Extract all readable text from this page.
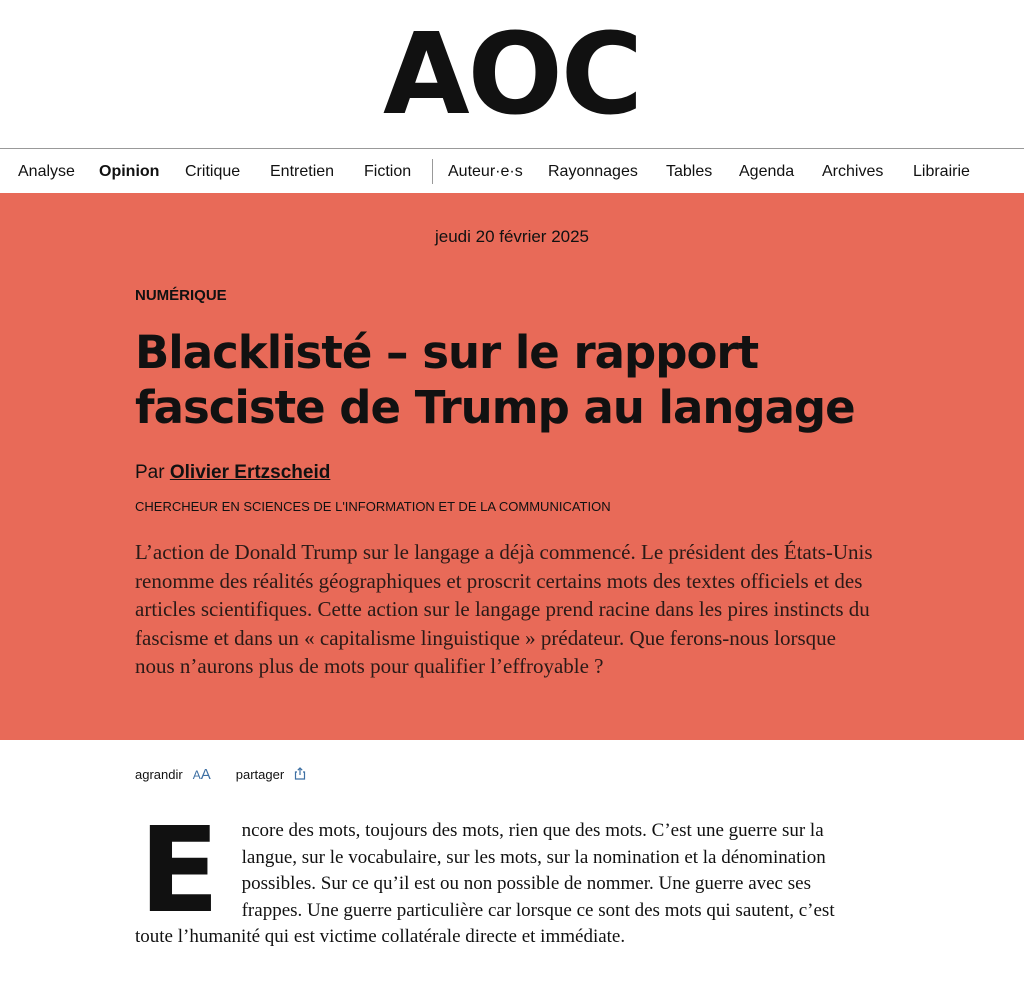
AOC
Analyse Opinion Critique Entretien Fiction Auteur·e·s Rayonnages Tables Agenda Archives Librairie
jeudi 20 février 2025
NUMÉRIQUE
Blacklisté – sur le rapport fasciste de Trump au langage
Par Olivier Ertzscheid
CHERCHEUR EN SCIENCES DE L'INFORMATION ET DE LA COMMUNICATION

L’action de Donald Trump sur le langage a déjà commencé. Le président des États-Unis renomme des réalités géographiques et proscrit certains mots des textes officiels et des articles scientifiques. Cette action sur le langage prend racine dans les pires instincts du fascisme et dans un « capitalisme linguistique » prédateur. Que ferons-nous lorsque nous n’aurons plus de mots pour qualifier l’effroyable ?

agrandir AA partager

E ncore des mots, toujours des mots, rien que des mots. C’est une guerre sur la langue, sur le vocabulaire, sur les mots, sur la nomination et la dénomination possibles. Sur ce qu’il est ou non possible de nommer. Une guerre avec ses frappes. Une guerre particulière car lorsque ce sont des mots qui sautent, c’est toute l’humanité qui est victime collatérale directe et immédiate.
